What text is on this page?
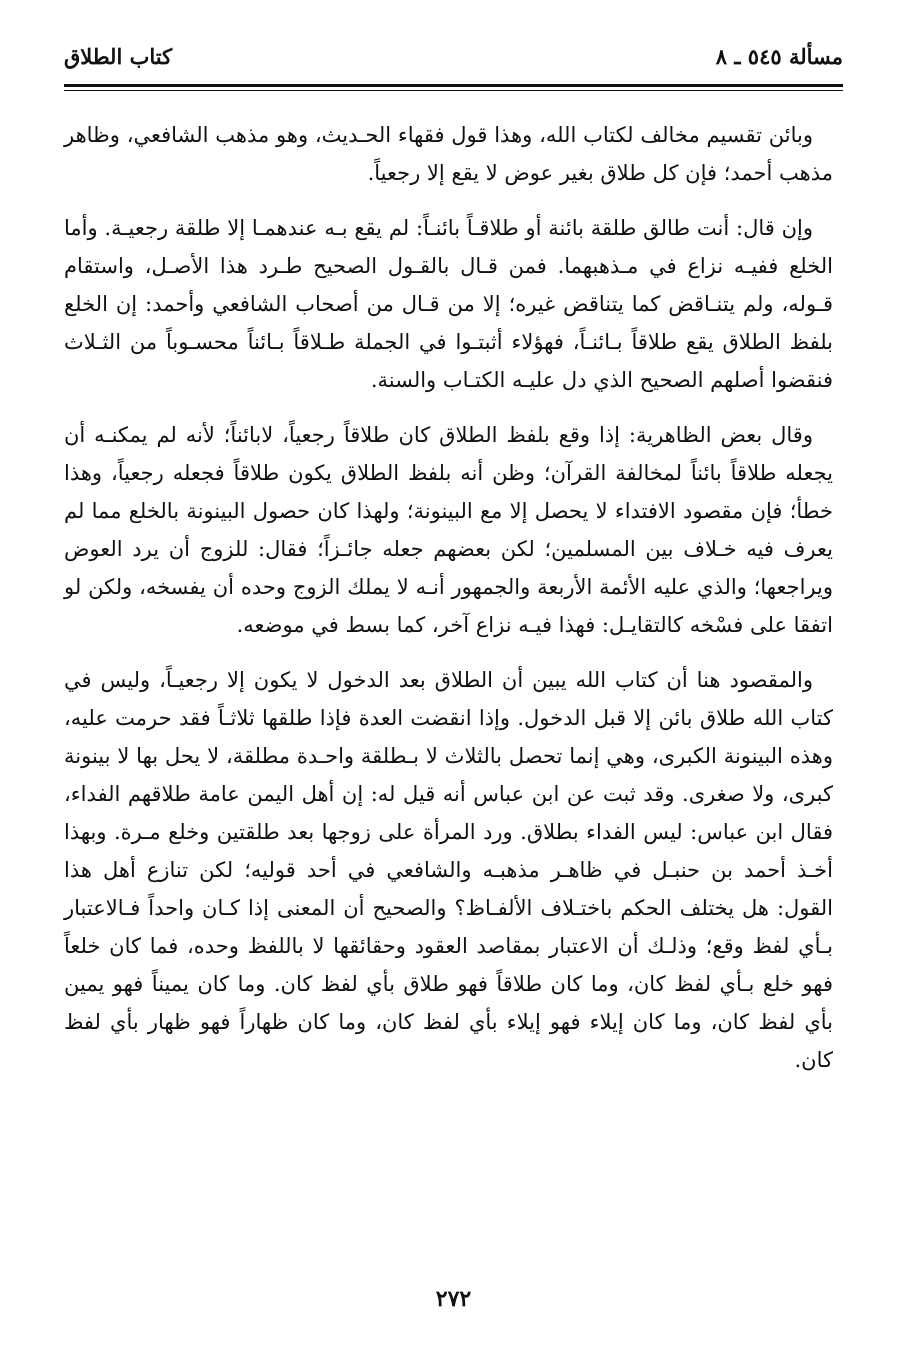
مسألة ٥٤٥ ـ ٨
كتاب الطلاق

وبائن تقسيم مخالف لكتاب الله، وهذا قول فقهاء الحـديث، وهو مذهب الشافعي، وظاهر مذهب أحمد؛ فإن كل طلاق بغير عوض لا يقع إلا رجعياً.

وإن قال: أنت طالق طلقة بائنة أو طلاقـاً بائنـاً: لم يقع بـه عندهمـا إلا طلقة رجعيـة. وأما الخلع ففيـه نزاع في مـذهبهما. فمن قـال بالقـول الصحيح طـرد هذا الأصـل، واستقام قـوله، ولم يتنـاقض كما يتناقض غيره؛ إلا من قـال من أصحاب الشافعي وأحمد: إن الخلع بلفظ الطلاق يقع طلاقاً بـائنـاً، فهؤلاء أثبتـوا في الجملة طـلاقاً بـائناً محسـوباً من الثـلاث فنقضوا أصلهم الصحيح الذي دل عليـه الكتـاب والسنة.

وقال بعض الظاهرية: إذا وقع بلفظ الطلاق كان طلاقاً رجعياً، لابائناً؛ لأنه لم يمكنـه أن يجعله طلاقاً بائناً لمخالفة القرآن؛ وظن أنه بلفظ الطلاق يكون طلاقاً فجعله رجعياً، وهذا خطأ؛ فإن مقصود الافتداء لا يحصل إلا مع البينونة؛ ولهذا كان حصول البينونة بالخلع مما لم يعرف فيه خـلاف بين المسلمين؛ لكن بعضهم جعله جائـزاً؛ فقال: للزوج أن يرد العوض ويراجعها؛ والذي عليه الأئمة الأربعة والجمهور أنـه لا يملك الزوج وحده أن يفسخه، ولكن لو اتفقا على فسْخه كالتقايـل: فهذا فيـه نزاع آخر، كما بسط في موضعه.

والمقصود هنا أن كتاب الله يبين أن الطلاق بعد الدخول لا يكون إلا رجعيـاً، وليس في كتاب الله طلاق بائن إلا قبل الدخول. وإذا انقضت العدة فإذا طلقها ثلاثـاً فقد حرمت عليه، وهذه البينونة الكبرى، وهي إنما تحصل بالثلاث لا بـطلقة واحـدة مطلقة، لا يحل بها لا بينونة كبرى، ولا صغرى. وقد ثبت عن ابن عباس أنه قيل له: إن أهل اليمن عامة طلاقهم الفداء، فقال ابن عباس: ليس الفداء بطلاق. ورد المرأة على زوجها بعد طلقتين وخلع مـرة. وبهذا أخـذ أحمد بن حنبـل في ظاهـر مذهبـه والشافعي في أحد قوليه؛ لكن تنازع أهل هذا القول: هل يختلف الحكم باختـلاف الألفـاظ؟ والصحيح أن المعنى إذا كـان واحداً فـالاعتبار بـأي لفظ وقع؛ وذلـك أن الاعتبار بمقاصد العقود وحقائقها لا باللفظ وحده، فما كان خلعاً فهو خلع بـأي لفظ كان، وما كان طلاقاً فهو طلاق بأي لفظ كان. وما كان يميناً فهو يمين بأي لفظ كان، وما كان إيلاء فهو إيلاء بأي لفظ كان، وما كان ظهاراً فهو ظهار بأي لفظ كان.

٢٧٢
